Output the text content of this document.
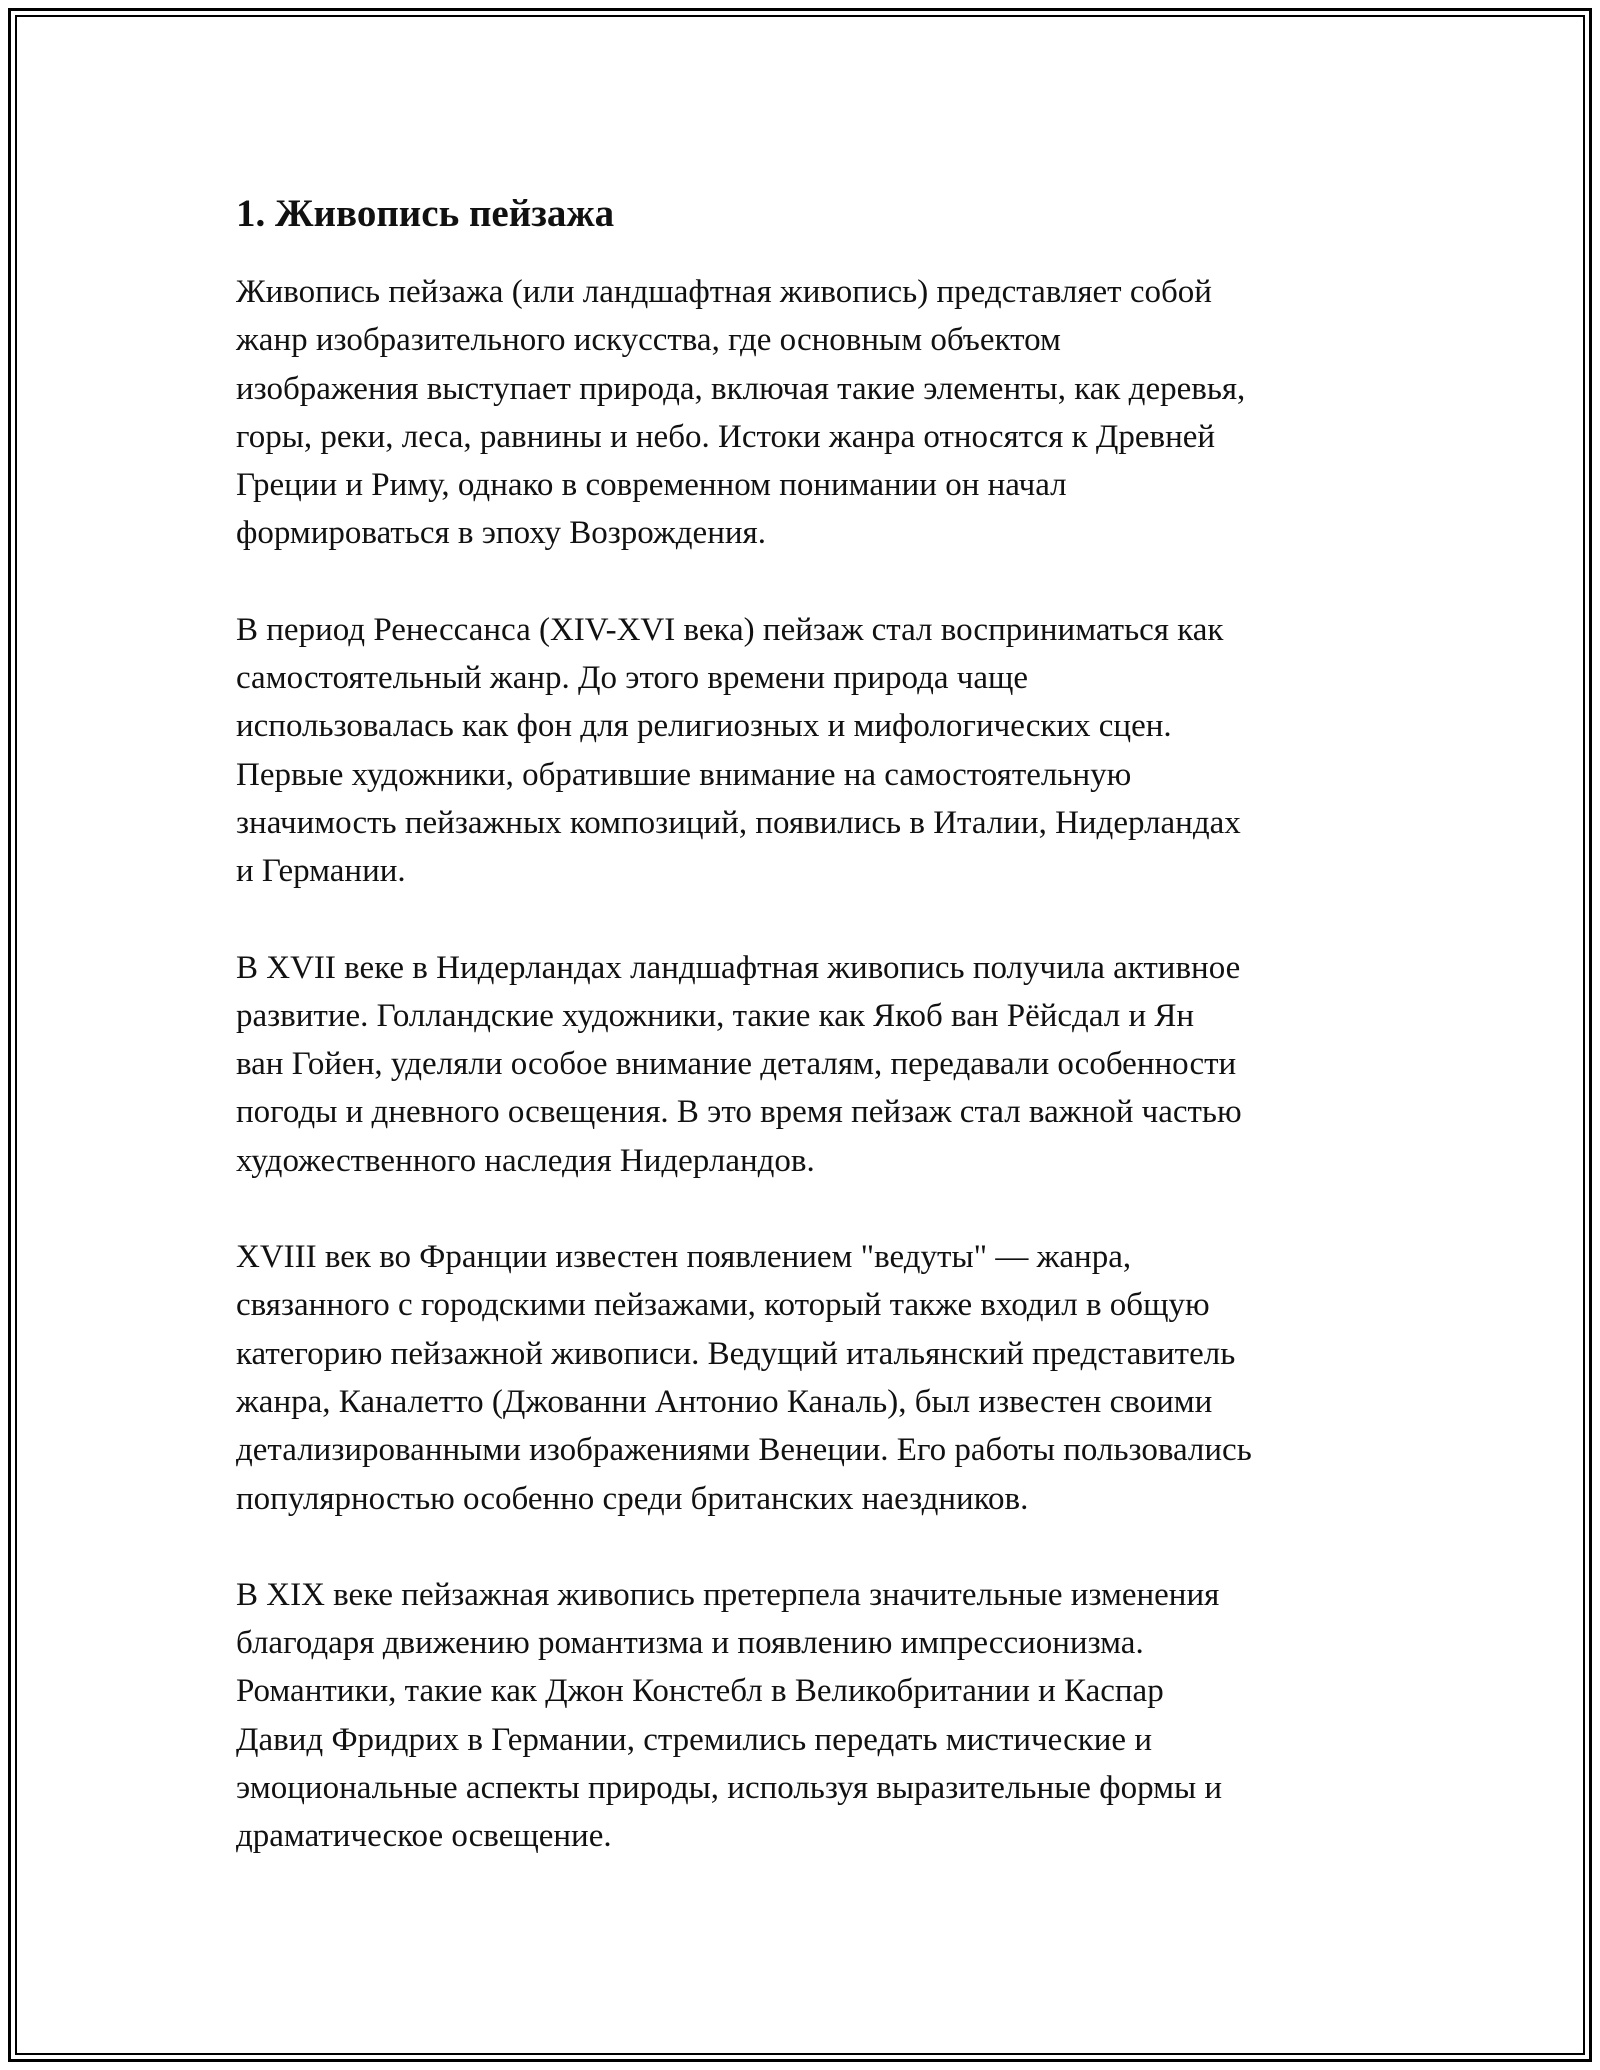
1. Живопись пейзажа

Живопись пейзажа (или ландшафтная живопись) представляет собой
жанр изобразительного искусства, где основным объектом
изображения выступает природа, включая такие элементы, как деревья,
горы, реки, леса, равнины и небо. Истоки жанра относятся к Древней
Греции и Риму, однако в современном понимании он начал
формироваться в эпоху Возрождения.

В период Ренессанса (XIV-XVI века) пейзаж стал восприниматься как
самостоятельный жанр. До этого времени природа чаще
использовалась как фон для религиозных и мифологических сцен.
Первые художники, обратившие внимание на самостоятельную
значимость пейзажных композиций, появились в Италии, Нидерландах
и Германии.

В XVII веке в Нидерландах ландшафтная живопись получила активное
развитие. Голландские художники, такие как Якоб ван Рёйсдал и Ян
ван Гойен, уделяли особое внимание деталям, передавали особенности
погоды и дневного освещения. В это время пейзаж стал важной частью
художественного наследия Нидерландов.

XVIII век во Франции известен появлением "ведуты" — жанра,
связанного с городскими пейзажами, который также входил в общую
категорию пейзажной живописи. Ведущий итальянский представитель
жанра, Каналетто (Джованни Антонио Каналь), был известен своими
детализированными изображениями Венеции. Его работы пользовались
популярностью особенно среди британских наездников.

В XIX веке пейзажная живопись претерпела значительные изменения
благодаря движению романтизма и появлению импрессионизма.
Романтики, такие как Джон Констебл в Великобритании и Каспар
Давид Фридрих в Германии, стремились передать мистические и
эмоциональные аспекты природы, используя выразительные формы и
драматическое освещение.
